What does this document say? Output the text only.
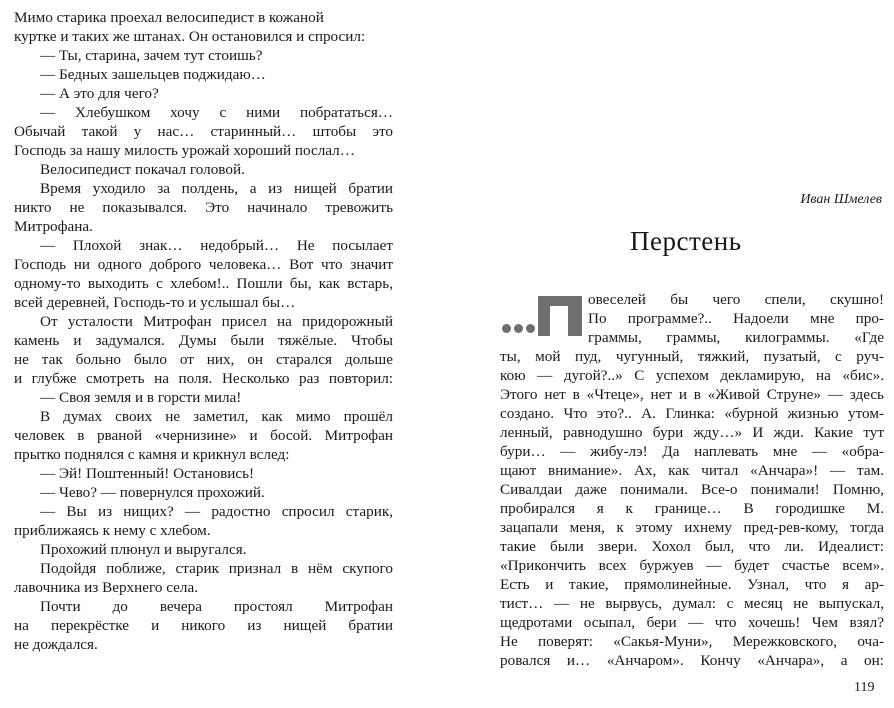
Мимо старика проехал велосипедист в кожаной
куртке и таких же штанах. Он остановился и спросил:
— Ты, старина, зачем тут стоишь?
— Бедных зашельцев поджидаю…
— А это для чего?
— Хлебушком хочу с ними побрататься…
Обычай такой у нас… старинный… штобы это
Господь за нашу милость урожай хороший послал…
Велосипедист покачал головой.
Время уходило за полдень, а из нищей братии
никто не показывался. Это начинало тревожить
Митрофана.
— Плохой знак… недобрый… Не посылает
Господь ни одного доброго человека… Вот что значит
одному-то выходить с хлебом!.. Пошли бы, как встарь,
всей деревней, Господь-то и услышал бы…
От усталости Митрофан присел на придорожный
камень и задумался. Думы были тяжёлые. Чтобы
не так больно было от них, он старался дольше
и глубже смотреть на поля. Несколько раз повторил:
— Своя земля и в горсти мила!
В думах своих не заметил, как мимо прошёл
человек в рваной «чернизине» и босой. Митрофан
прытко поднялся с камня и крикнул вслед:
— Эй! Поштенный! Остановись!
— Чево? — повернулся прохожий.
— Вы из нищих? — радостно спросил старик,
приближаясь к нему с хлебом.
Прохожий плюнул и выругался.
Подойдя поближе, старик признал в нём скупого
лавочника из Верхнего села.
Почти до вечера простоял Митрофан
на перекрёстке и никого из нищей братии
не дождался.
Иван Шмелев
Перстень
овеселей бы чего спели, скушно!
По программе?.. Надоели мне про-
граммы, граммы, килограммы. «Где
ты, мой пуд, чугунный, тяжкий, пузатый, с руч-
кою — дугой?..» С успехом декламирую, на «бис».
Этого нет в «Чтеце», нет и в «Живой Струне» — здесь
создано. Что это?.. А. Глинка: «бурной жизнью утом-
ленный, равнодушно бури жду…» И жди. Какие тут
бури… — жибу-лэ! Да наплевать мне — «обра-
щают внимание». Ах, как читал «Анчара»! — там.
Сивалдаи даже понимали. Все-о понимали! Помню,
пробирался я к границе… В городишке М.
зацапали меня, к этому ихнему пред-рев-кому, тогда
такие были звери. Хохол был, что ли. Идеалист:
«Прикончить всех буржуев — будет счастье всем».
Есть и такие, прямолинейные. Узнал, что я ар-
тист… — не вырвусь, думал: с месяц не выпускал,
щедротами осыпал, бери — что хочешь! Чем взял?
Не поверят: «Сакья-Муни», Мережковского, оча-
ровался и… «Анчаром». Кончу «Анчара», а он:
119
